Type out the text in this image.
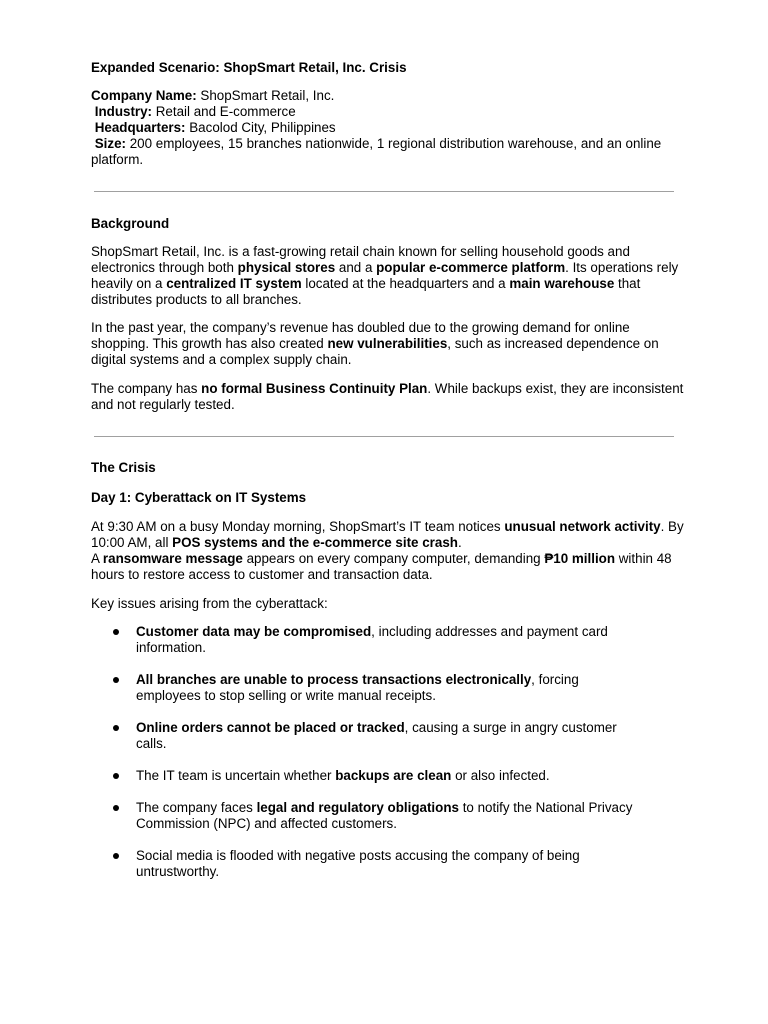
Expanded Scenario: ShopSmart Retail, Inc. Crisis

Company Name: ShopSmart Retail, Inc.
Industry: Retail and E-commerce
Headquarters: Bacolod City, Philippines
Size: 200 employees, 15 branches nationwide, 1 regional distribution warehouse, and an online platform.

Background

ShopSmart Retail, Inc. is a fast-growing retail chain known for selling household goods and electronics through both physical stores and a popular e-commerce platform. Its operations rely heavily on a centralized IT system located at the headquarters and a main warehouse that distributes products to all branches.

In the past year, the company’s revenue has doubled due to the growing demand for online shopping. This growth has also created new vulnerabilities, such as increased dependence on digital systems and a complex supply chain.

The company has no formal Business Continuity Plan. While backups exist, they are inconsistent and not regularly tested.

The Crisis

Day 1: Cyberattack on IT Systems

At 9:30 AM on a busy Monday morning, ShopSmart’s IT team notices unusual network activity. By 10:00 AM, all POS systems and the e-commerce site crash.

A ransomware message appears on every company computer, demanding ₱10 million within 48 hours to restore access to customer and transaction data.

Key issues arising from the cyberattack:

Customer data may be compromised, including addresses and payment card information.
All branches are unable to process transactions electronically, forcing employees to stop selling or write manual receipts.
Online orders cannot be placed or tracked, causing a surge in angry customer calls.
The IT team is uncertain whether backups are clean or also infected.
The company faces legal and regulatory obligations to notify the National Privacy Commission (NPC) and affected customers.
Social media is flooded with negative posts accusing the company of being untrustworthy.
